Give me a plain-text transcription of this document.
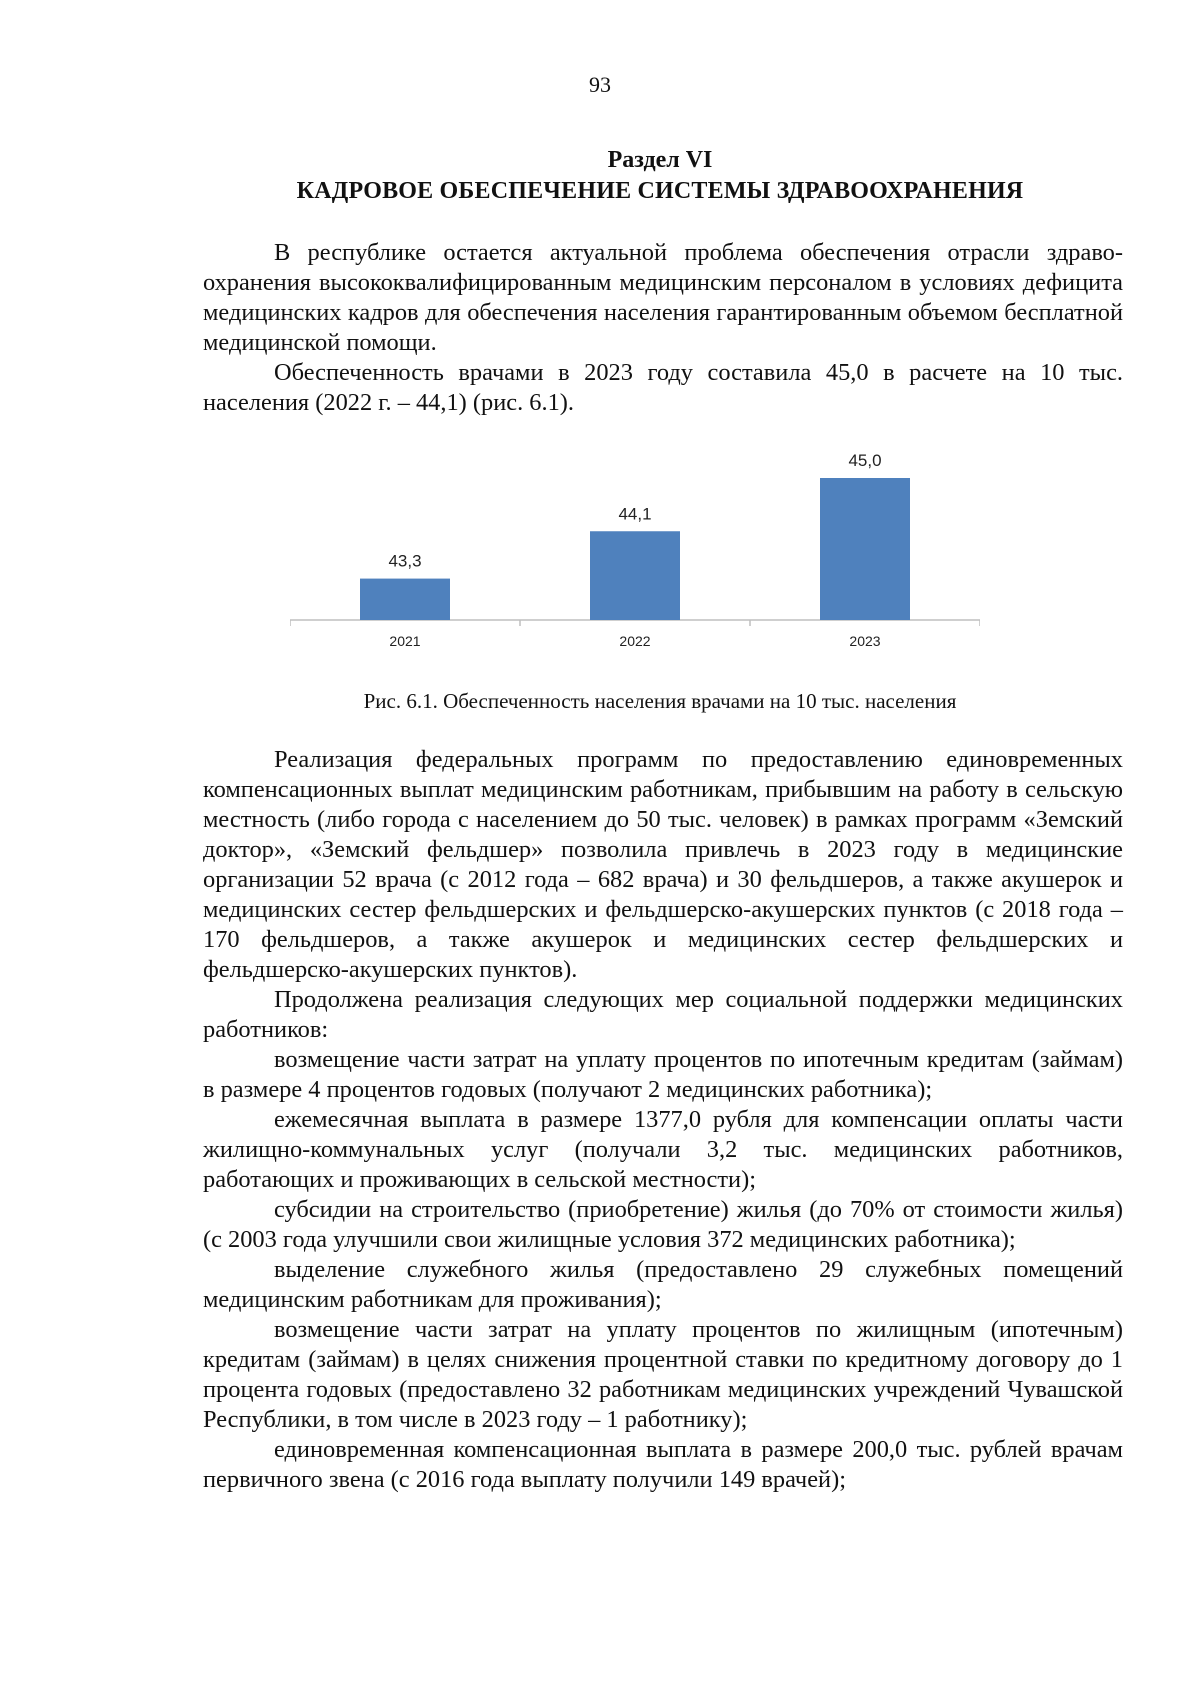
93
Раздел VI
КАДРОВОЕ ОБЕСПЕЧЕНИЕ СИСТЕМЫ ЗДРАВООХРАНЕНИЯ

В республике остается актуальной проблема обеспечения отрасли здравоохранения высококвалифицированным медицинским персоналом в условиях дефицита медицинских кадров для обеспечения населения гарантированным объемом бесплатной медицинской помощи.

Обеспеченность врачами в 2023 году составила 45,0 в расчете на 10 тыс. населения (2022 г. – 44,1) (рис. 6.1).

43,3
2021
44,1
2022
45,0
2023
Рис. 6.1. Обеспеченность населения врачами на 10 тыс. населения

Реализация федеральных программ по предоставлению единовременных компенсационных выплат медицинским работникам, прибывшим на работу в сельскую местность (либо города с населением до 50 тыс. человек) в рамках программ «Земский доктор», «Земский фельдшер» позволила привлечь в 2023 году в медицинские организации 52 врача (с 2012 года – 682 врача) и 30 фельдшеров, а также акушерок и медицинских сестер фельдшерских и фельдшерско-акушерских пунктов (с 2018 года – 170 фельдшеров, а также акушерок и медицинских сестер фельдшерских и фельдшерско-акушерских пунктов).

Продолжена реализация следующих мер социальной поддержки медицинских работников:

возмещение части затрат на уплату процентов по ипотечным кредитам (займам) в размере 4 процентов годовых (получают 2 медицинских работника);

ежемесячная выплата в размере 1377,0 рубля для компенсации оплаты части жилищно-коммунальных услуг (получали 3,2 тыс. медицинских работников, работающих и проживающих в сельской местности);

субсидии на строительство (приобретение) жилья (до 70% от стоимости жилья) (с 2003 года улучшили свои жилищные условия 372 медицинских работника);

выделение служебного жилья (предоставлено 29 служебных помещений медицинским работникам для проживания);

возмещение части затрат на уплату процентов по жилищным (ипотечным) кредитам (займам) в целях снижения процентной ставки по кредитному договору до 1 процента годовых (предоставлено 32 работникам медицинских учреждений Чувашской Республики, в том числе в 2023 году – 1 работнику);

единовременная компенсационная выплата в размере 200,0 тыс. рублей врачам первичного звена (с 2016 года выплату получили 149 врачей);
